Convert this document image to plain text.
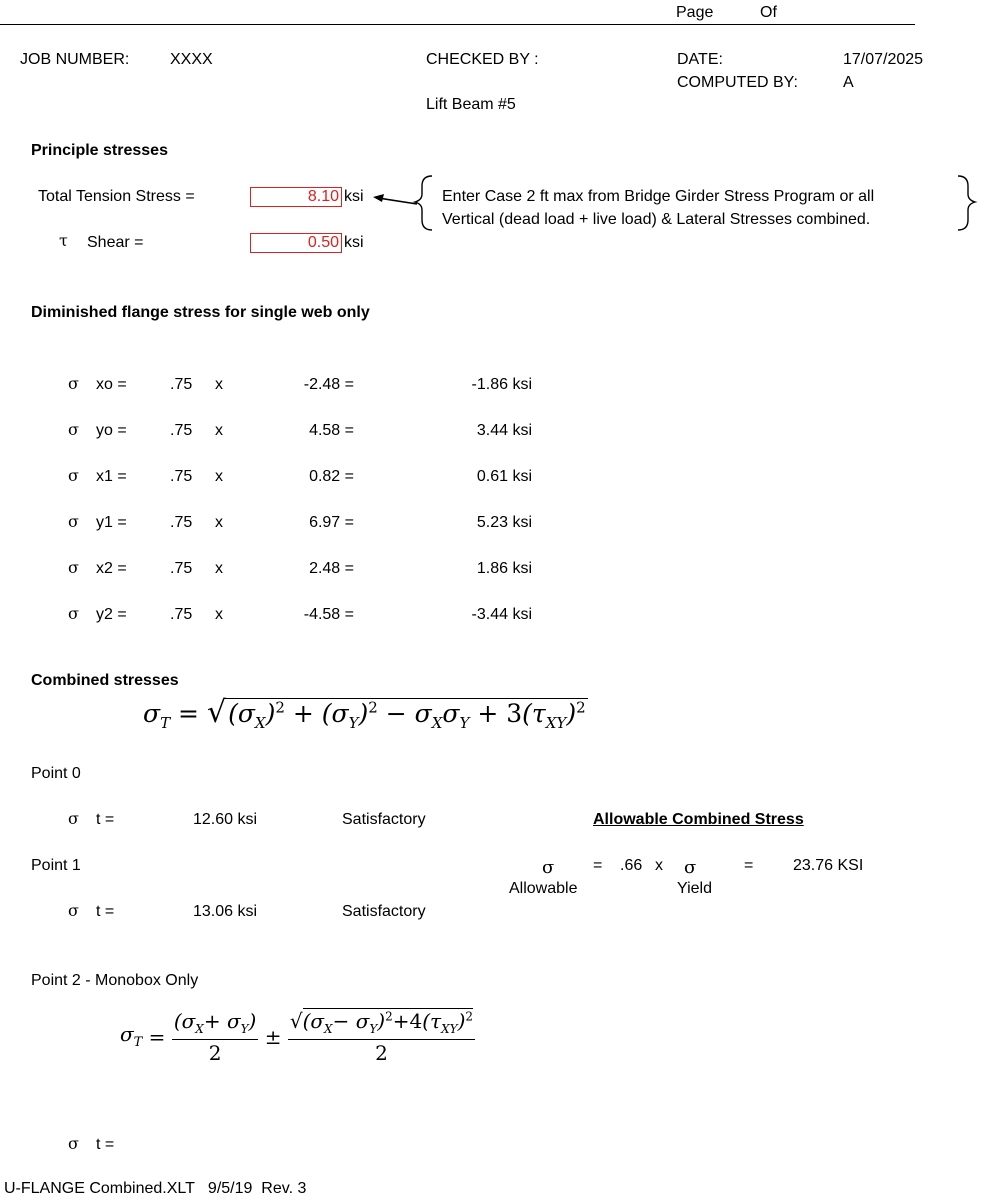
Page	Of
JOB NUMBER:	XXXX	CHECKED BY :	DATE:	17/07/2025
COMPUTED BY:	A
Lift Beam #5
Principle stresses
Total Tension Stress =	8.10 ksi
τ Shear =	0.50 ksi
Enter Case 2 ft max from Bridge Girder Stress Program or all
Vertical (dead load + live load) & Lateral Stresses combined.
Diminished flange stress for single web only
σ xo =	.75 x	-2.48 =	-1.86 ksi
σ yo =	.75 x	4.58 =	3.44 ksi
σ x1 =	.75 x	0.82 =	0.61 ksi
σ y1 =	.75 x	6.97 =	5.23 ksi
σ x2 =	.75 x	2.48 =	1.86 ksi
σ y2 =	.75 x	-4.58 =	-3.44 ksi
Combined stresses
$\sigma_T = √(\sigma_X)^2 + (\sigma_Y)^2 - \sigma_X\sigma_Y + 3(\tau_{XY})^2$
Point 0
σ t =	12.60 ksi	Satisfactory	Allowable Combined Stress
Point 1	σ = .66 x σ	= 23.76 KSI
Allowable	Yield
σ t =	13.06 ksi	Satisfactory
Point 2 - Monobox Only
$\sigma_T = \frac{(\sigma_X+ \sigma_Y)}{2} \pm \frac{√(\sigma_X- \sigma_Y)^2+4(\tau_{XY})^2}{2}$
σ t =
U-FLANGE Combined.XLT   9/5/19  Rev. 3
